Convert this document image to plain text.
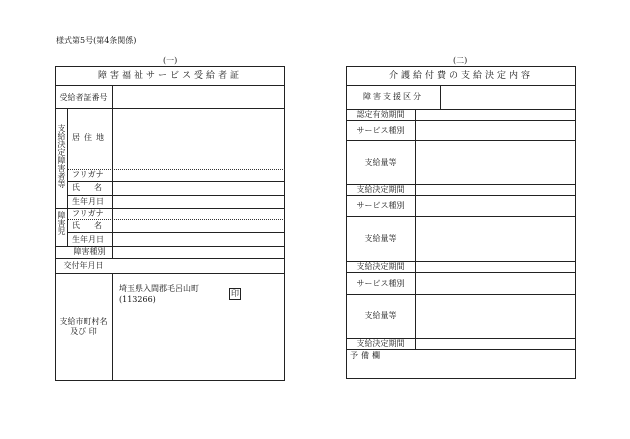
様式第5号(第4条関係)
(一)
障害福祉サービス受給者証
受給者証番号
支給決定障害者等 居住地
フリガナ
氏名
生年月日
障害児 フリガナ
氏名
生年月日
障害種別
交付年月日
支給市町村名
及び 印
埼玉県入間郡毛呂山町
(113266)
印
(二)
介護給付費の支給決定内容
障害支援区分
認定有効期間
サービス種別
支給量等
支給決定期間
サービス種別
支給量等
支給決定期間
サービス種別
支給量等
支給決定期間
予備欄
